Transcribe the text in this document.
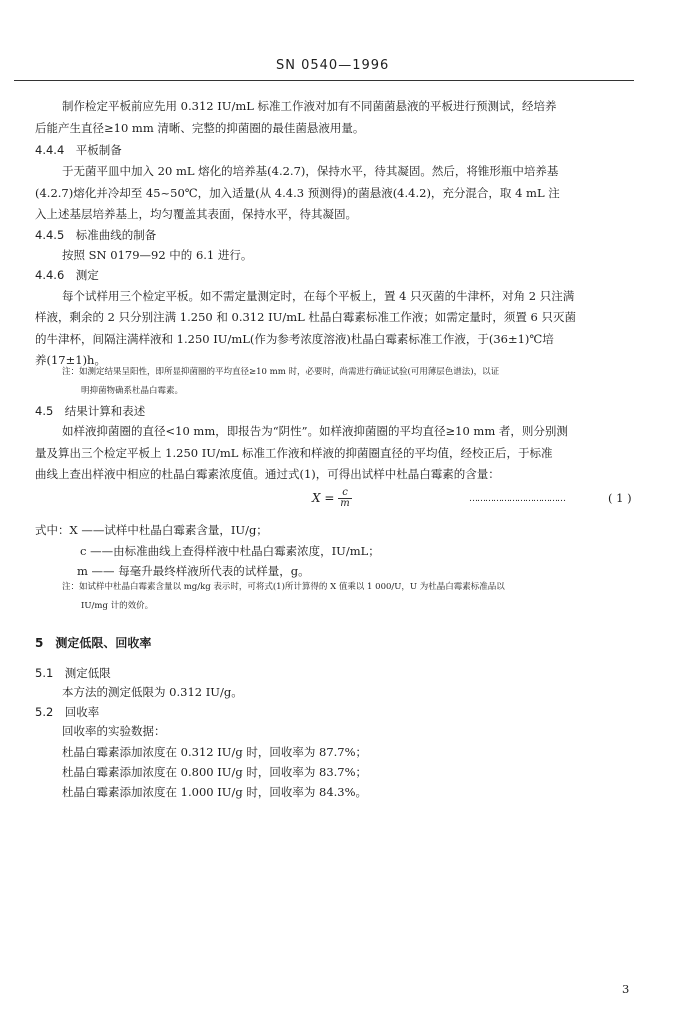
SN 0540—1996
制作检定平板前应先用 0.312 IU/mL 标准工作液对加有不同菌菌悬液的平板进行预测试，经培养
后能产生直径≥10 mm 清晰、完整的抑菌圈的最佳菌悬液用量。
4.4.4　平板制备
于无菌平皿中加入 20 mL 熔化的培养基(4.2.7)，保持水平，待其凝固。然后，将锥形瓶中培养基
(4.2.7)熔化并冷却至 45~50℃，加入适量(从 4.4.3 预测得)的菌悬液(4.4.2)，充分混合，取 4 mL 注
入上述基层培养基上，均匀覆盖其表面，保持水平，待其凝固。
4.4.5　标准曲线的制备
按照 SN 0179—92 中的 6.1 进行。
4.4.6　测定
每个试样用三个检定平板。如不需定量测定时，在每个平板上，置 4 只灭菌的牛津杯，对角 2 只注满
样液，剩余的 2 只分别注满 1.250 和 0.312 IU/mL 杜晶白霉素标准工作液；如需定量时，须置 6 只灭菌
的牛津杯，间隔注满样液和 1.250 IU/mL(作为参考浓度溶液)杜晶白霉素标准工作液，于(36±1)℃培
养(17±1)h。
注：如测定结果呈阳性，即所显抑菌圈的平均直径≥10 mm 时，必要时，尚需进行确证试验(可用薄层色谱法)，以证
明抑菌物确系杜晶白霉素。
4.5　结果计算和表述
如样液抑菌圈的直径<10 mm，即报告为“阴性”。如样液抑菌圈的平均直径≥10 mm 者，则分别测
量及算出三个检定平板上 1.250 IU/mL 标准工作液和样液的抑菌圈直径的平均值，经校正后，于标准
曲线上查出样液中相应的杜晶白霉素浓度值。通过式(1)，可得出试样中杜晶白霉素的含量：
$X = \frac{c}{m}$	………………………………	( 1 )
式中：X ——试样中杜晶白霉素含量，IU/g；
c ——由标准曲线上查得样液中杜晶白霉素浓度，IU/mL；
m —— 每毫升最终样液所代表的试样量，g。
注：如试样中杜晶白霉素含量以 mg/kg 表示时，可将式(1)所计算得的 X 值乘以 1 000/U，U 为杜晶白霉素标准品以
IU/mg 计的效价。
5　测定低限、回收率
5.1　测定低限
本方法的测定低限为 0.312 IU/g。
5.2　回收率
回收率的实验数据：
杜晶白霉素添加浓度在 0.312 IU/g 时，回收率为 87.7%；
杜晶白霉素添加浓度在 0.800 IU/g 时，回收率为 83.7%；
杜晶白霉素添加浓度在 1.000 IU/g 时，回收率为 84.3%。
3
